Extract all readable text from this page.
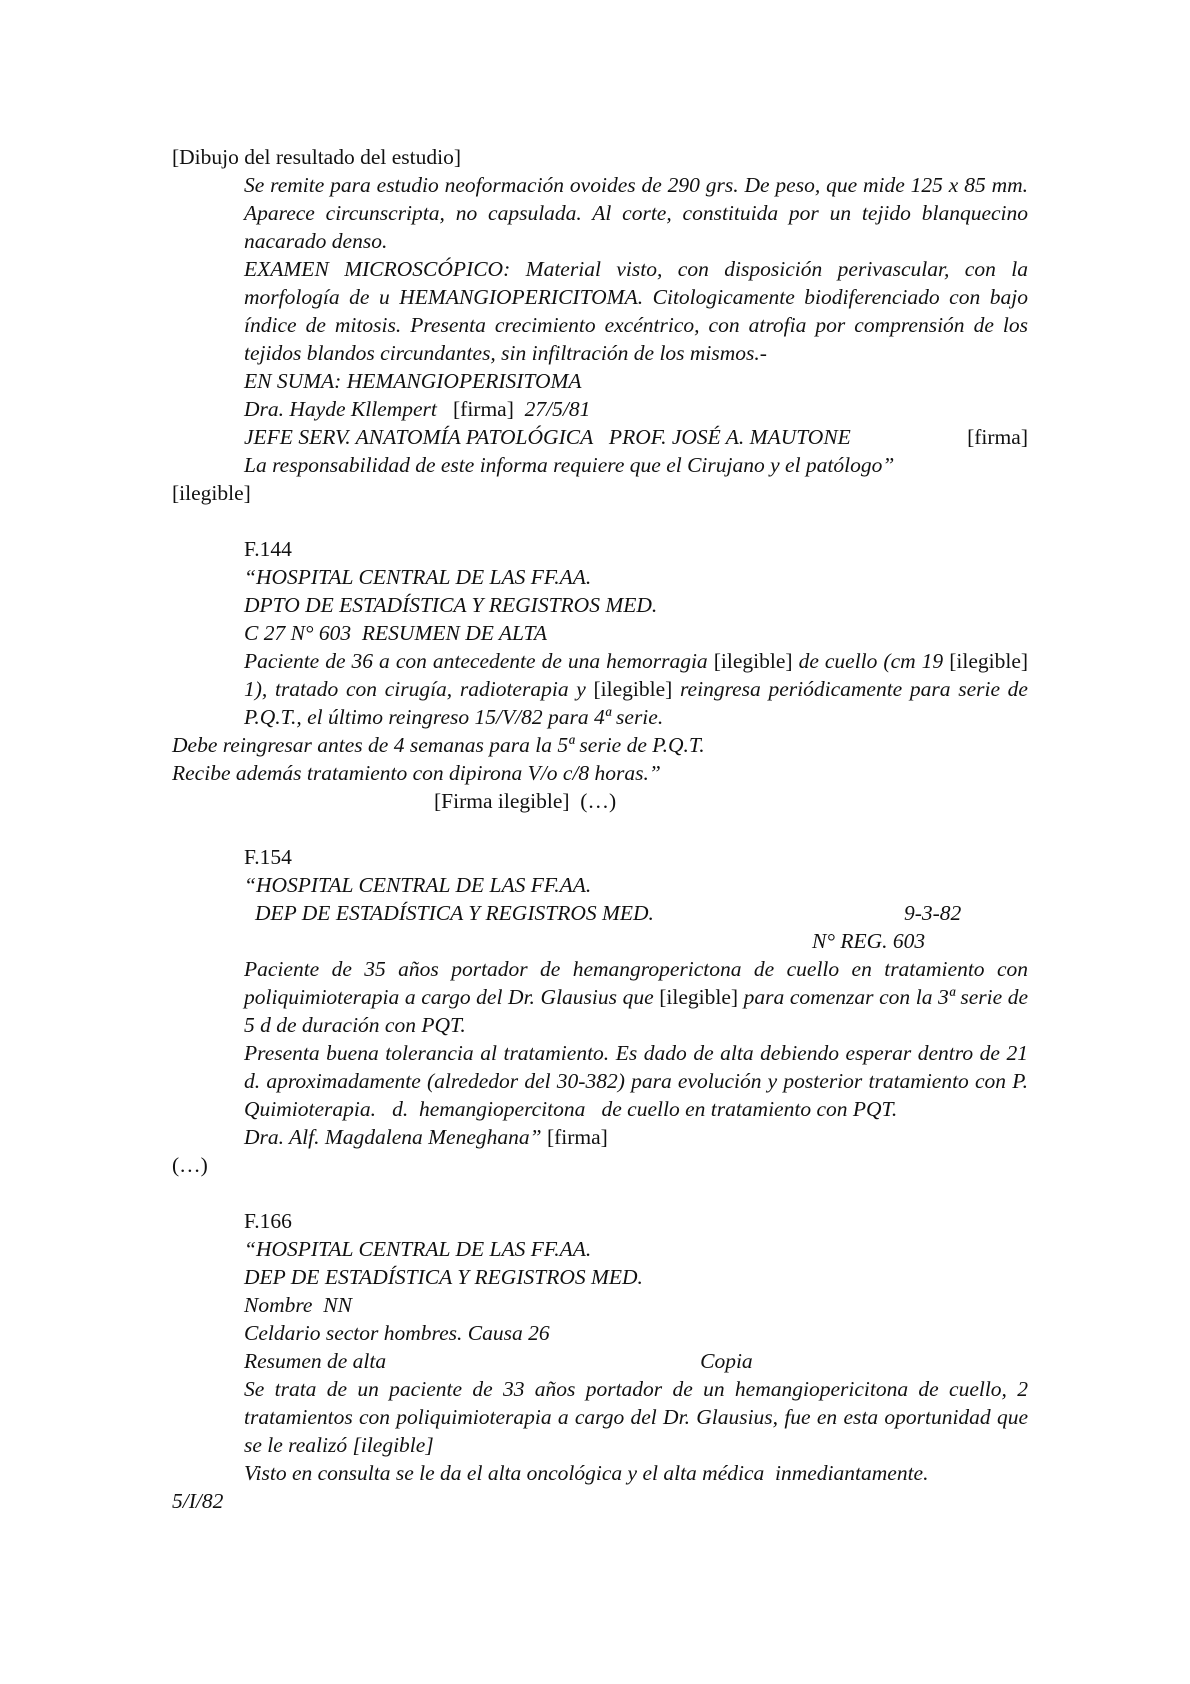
[Dibujo del resultado del estudio]

Se remite para estudio neoformación ovoides de 290 grs. De peso, que mide 125 x 85 mm. Aparece circunscripta, no capsulada. Al corte, constituida por un tejido blanquecino nacarado denso.

EXAMEN MICROSCÓPICO: Material visto, con disposición perivascular, con la morfología de u HEMANGIOPERICITOMA. Citologicamente biodiferenciado con bajo índice de mitosis. Presenta crecimiento excéntrico, con atrofia por comprensión de los tejidos blandos circundantes, sin infiltración de los mismos.-

EN SUMA: HEMANGIOPERISITOMA

Dra. Hayde Kllempert [firma] 27/5/81

JEFE SERV. ANATOMÍA PATOLÓGICA   PROF. JOSÉ A. MAUTONE	[firma]

La responsabilidad de este informa requiere que el Cirujano y el patólogo”

[ilegible]

F.144

“HOSPITAL CENTRAL DE LAS FF.AA.

DPTO DE ESTADÍSTICA Y REGISTROS MED.

C 27 N° 603  RESUMEN DE ALTA

Paciente de 36 a con antecedente de una hemorragia [ilegible] de cuello (cm 19 [ilegible] 1), tratado con cirugía, radioterapia y [ilegible] reingresa periódicamente para serie de P.Q.T., el último reingreso 15/V/82 para 4ª serie.

Debe reingresar antes de 4 semanas para la 5ª serie de P.Q.T.

Recibe además tratamiento con dipirona V/o c/8 horas.”

[Firma ilegible]  (…)

F.154

“HOSPITAL CENTRAL DE LAS FF.AA.

DEP DE ESTADÍSTICA Y REGISTROS MED.	9-3-82

N° REG. 603

Paciente de 35 años portador de hemangropericton​a de cuello en tratamiento con poliquimioterapia a cargo del Dr. Glausius que [ilegible] para comenzar con la 3ª serie de 5 d de duración con PQT.

Presenta buena tolerancia al tratamiento. Es dado de alta debiendo esperar dentro de 21 d. aproximadamente (alrededor del 30-382) para evolución y posterior tratamiento con P. Quimioterapia.   d.  hemangiopercitona   de cuello en tratamiento con PQT.

Dra. Alf. Magdalena Meneghana” [firma]

(…)

F.166

“HOSPITAL CENTRAL DE LAS FF.AA.

DEP DE ESTADÍSTICA Y REGISTROS MED.

Nombre  NN

Celdario sector hombres. Causa 26

Resumen de alta	Copia

Se trata de un paciente de 33 años portador de un hemangiopericitona de cuello, 2 tratamientos con poliquimioterapia a cargo del Dr. Glausius, fue en esta oportunidad que se le realizó [ilegible]

Visto en consulta se le da el alta oncológica y el alta médica  inmediantamente.

5/I/82
